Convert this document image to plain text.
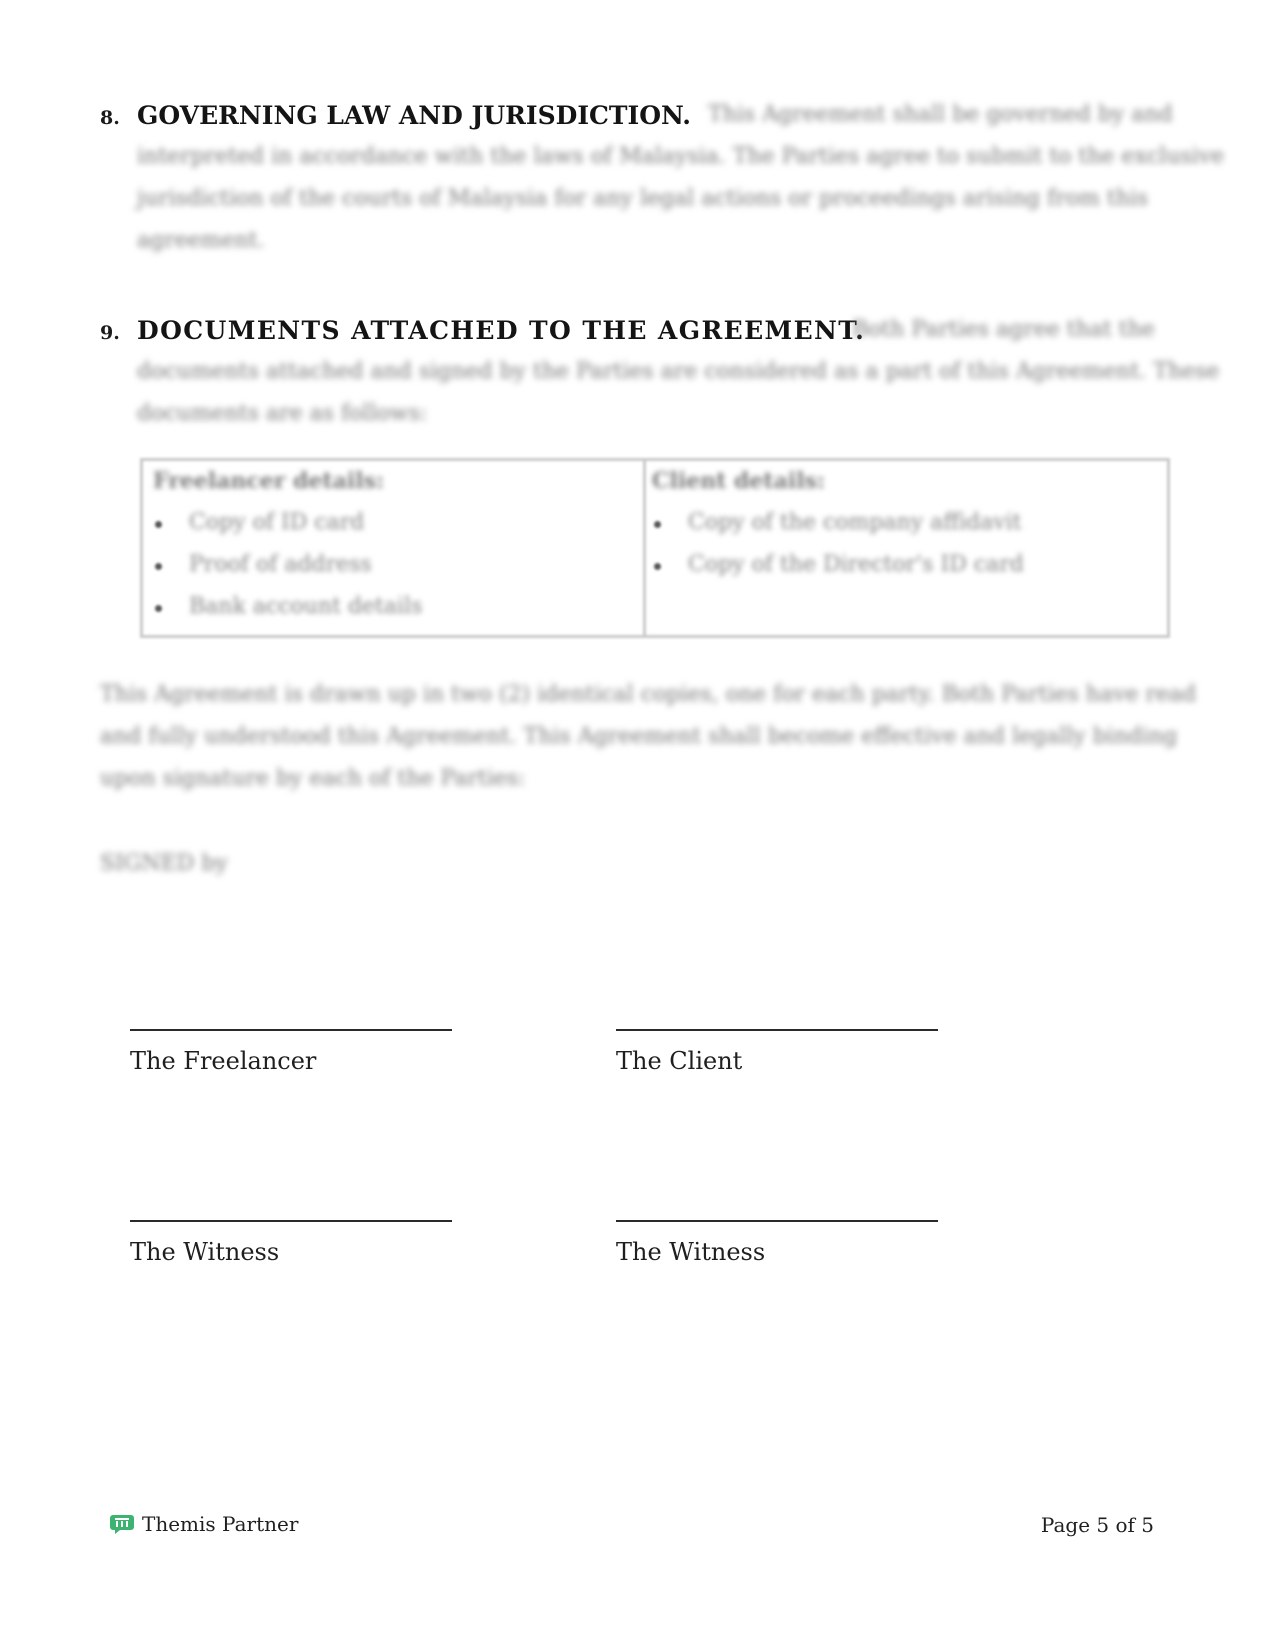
8. GOVERNING LAW AND JURISDICTION. This Agreement shall be governed by and
interpreted in accordance with the laws of Malaysia. The Parties agree to submit to the exclusive
jurisdiction of the courts of Malaysia for any legal actions or proceedings arising from this
agreement.
9. DOCUMENTS ATTACHED TO THE AGREEMENT.
Both Parties agree that the
documents attached and signed by the Parties are considered as a part of this Agreement. These
documents are as follows:
Freelancer details:
Copy of ID card
Proof of address
Bank account details
Client details:
Copy of the company affidavit
Copy of the Director's ID card
This Agreement is drawn up in two (2) identical copies, one for each party. Both Parties have read
and fully understood this Agreement. This Agreement shall become effective and legally binding
upon signature by each of the Parties:
SIGNED by
The Freelancer	The Client
The Witness	The Witness
Themis Partner	Page 5 of 5
